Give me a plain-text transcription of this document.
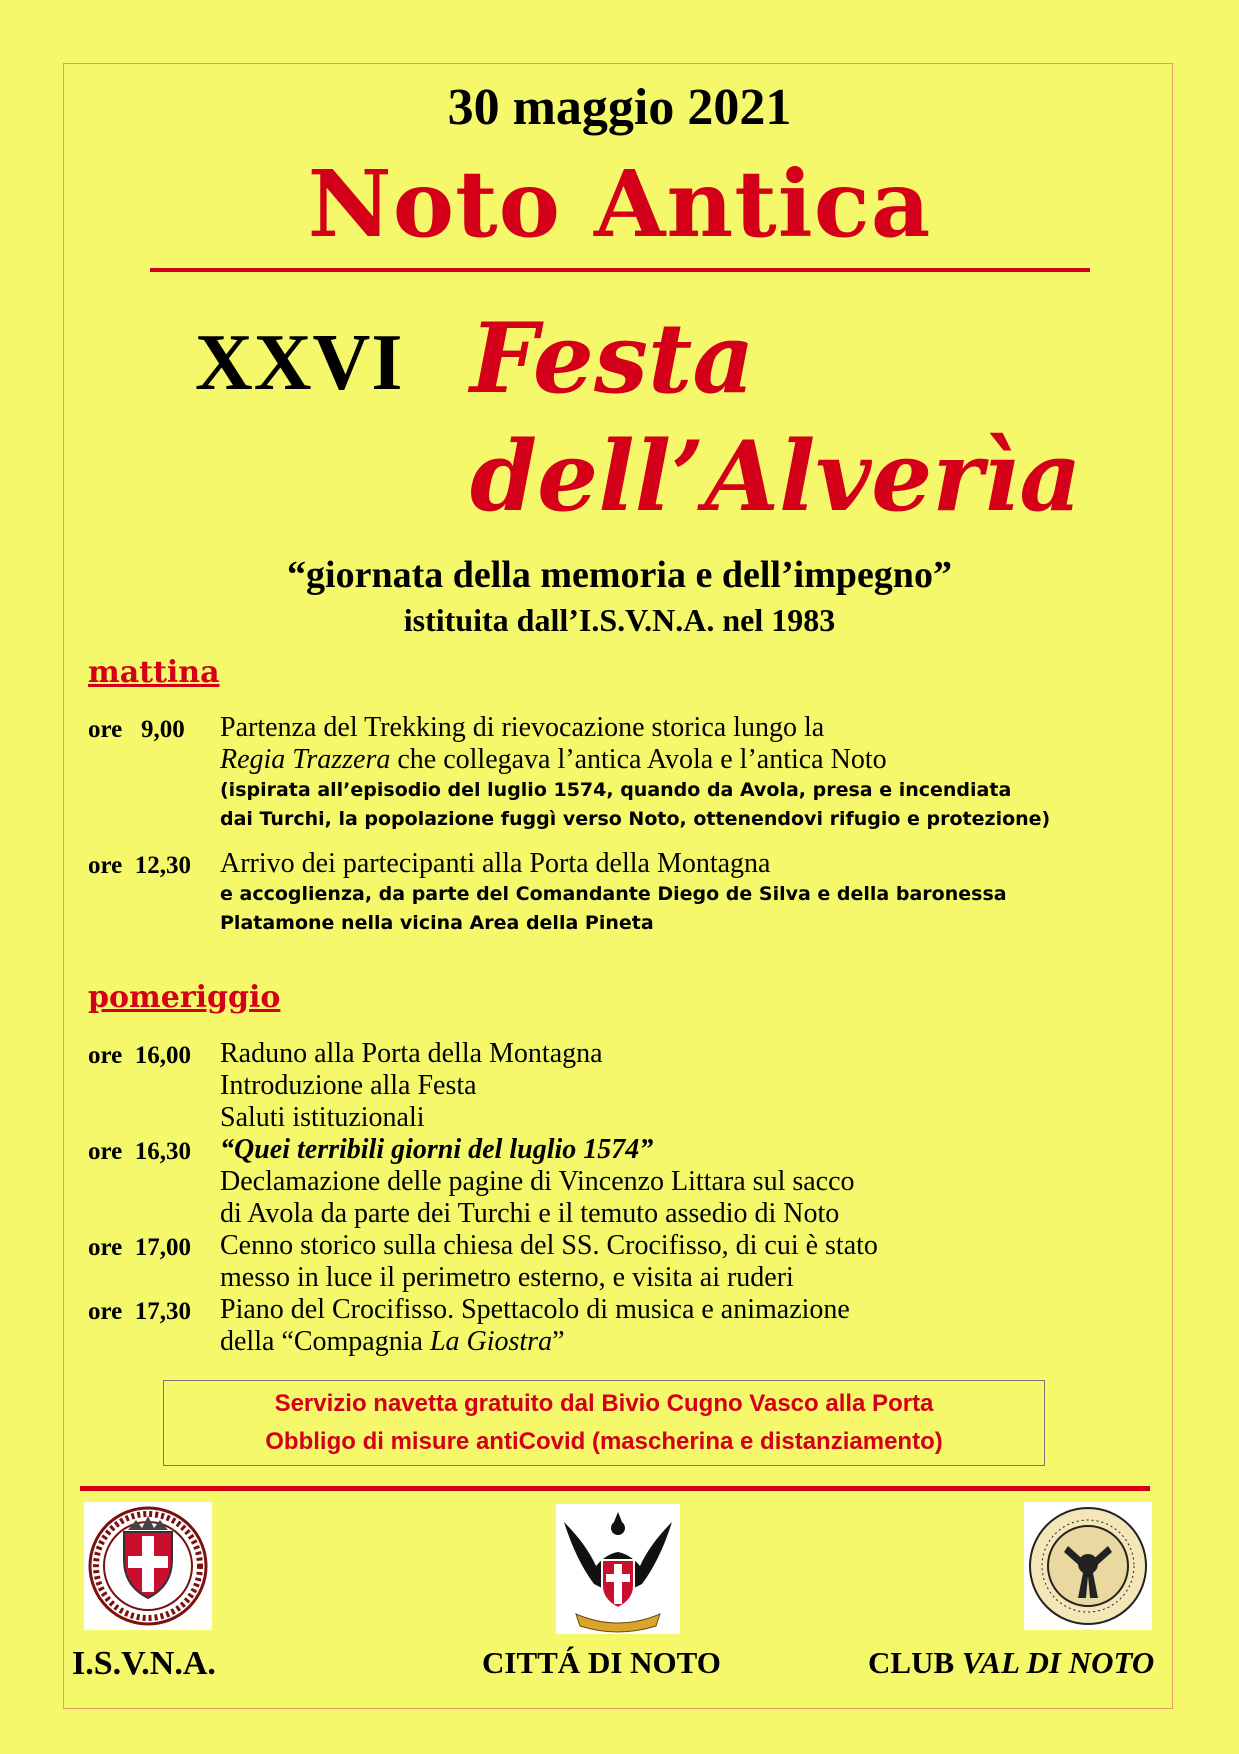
30 maggio 2021
Noto Antica
XXVI Festa
dell’Alverìa
“giornata della memoria e dell’impegno”
istituita dall’I.S.V.N.A. nel 1983
mattina
ore   9,00	Partenza del Trekking di rievocazione storica lungo la
Regia Trazzera che collegava l’antica Avola e l’antica Noto
(ispirata all’episodio del luglio 1574, quando da Avola, presa e incendiata
dai Turchi, la popolazione fuggì verso Noto, ottenendovi rifugio e protezione)
ore  12,30	Arrivo dei partecipanti alla Porta della Montagna
e accoglienza, da parte del Comandante Diego de Silva e della baronessa
Platamone nella vicina Area della Pineta
pomeriggio
ore  16,00	Raduno alla Porta della Montagna
Introduzione alla Festa
Saluti istituzionali
ore  16,30	“Quei terribili giorni del luglio 1574”
Declamazione delle pagine di Vincenzo Littara sul sacco
di Avola da parte dei Turchi e il temuto assedio di Noto
ore  17,00	Cenno storico sulla chiesa del SS. Crocifisso, di cui è stato
messo in luce il perimetro esterno, e visita ai ruderi
ore  17,30	Piano del Crocifisso. Spettacolo di musica e animazione
della “Compagnia La Giostra”
Servizio navetta gratuito dal Bivio Cugno Vasco alla Porta
Obbligo di misure antiCovid (mascherina e distanziamento)
I.S.V.N.A.	CITTÁ DI NOTO	CLUB VAL DI NOTO
